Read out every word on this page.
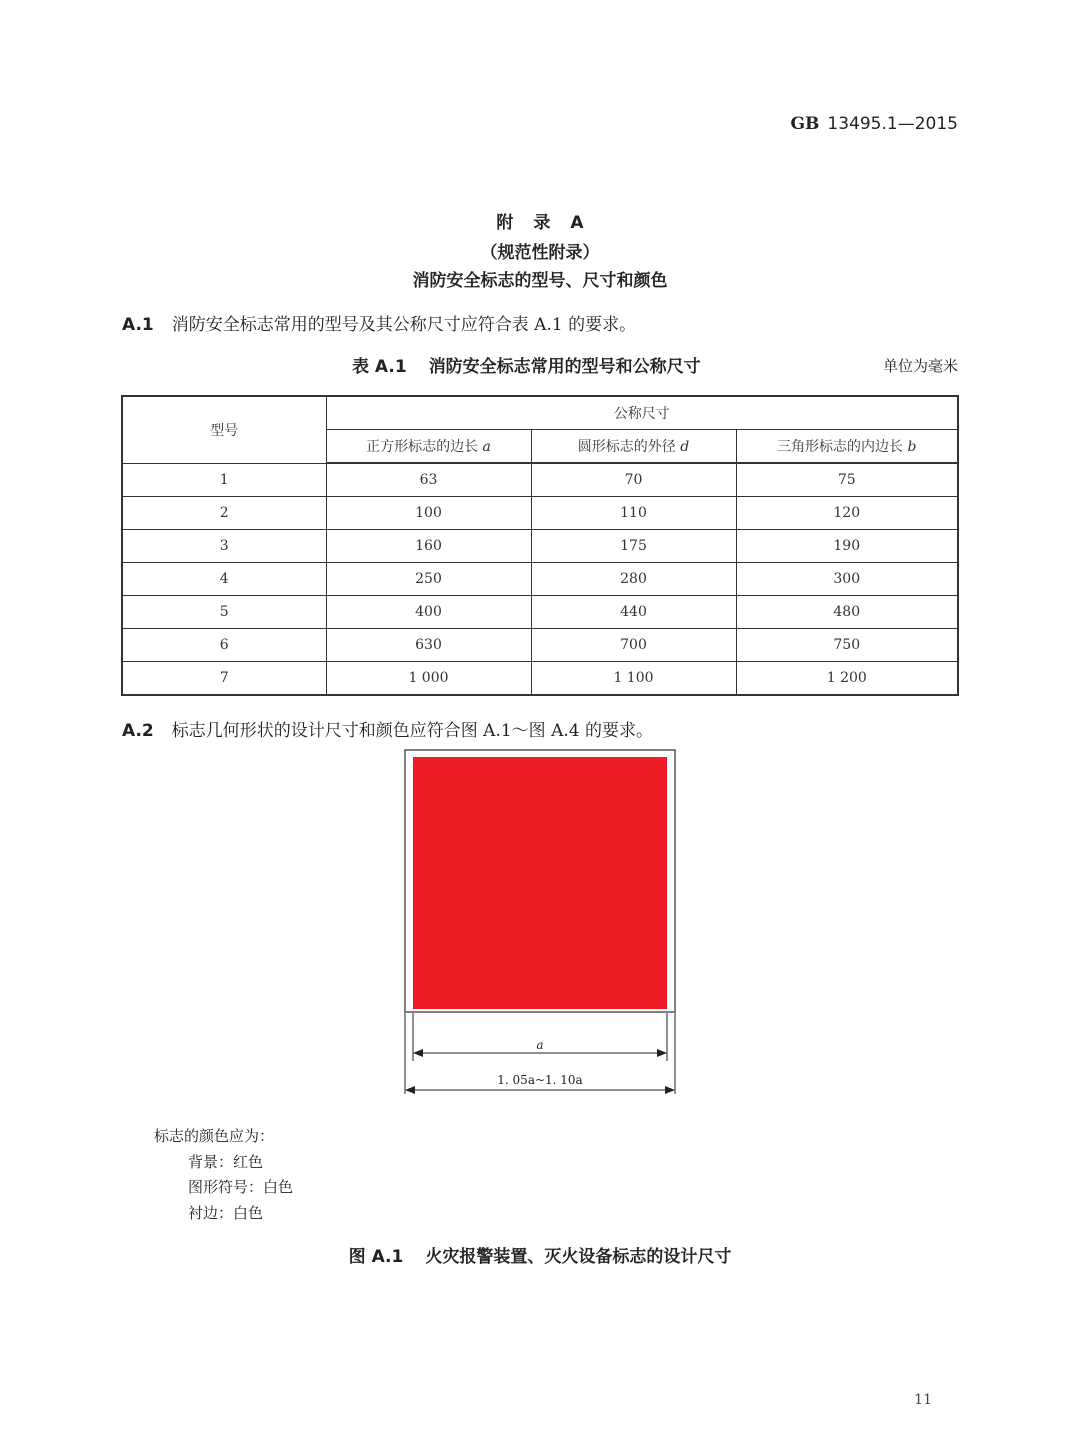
GB 13495.1—2015
附录A
（规范性附录）
消防安全标志的型号、尺寸和颜色
A.1 消防安全标志常用的型号及其公称尺寸应符合表 A.1 的要求。
表 A.1 消防安全标志常用的型号和公称尺寸	单位为毫米
型号	公称尺寸		
	正方形标志的边长 a	圆形标志的外径 d	三角形标志的内边长 b
1	63	70	75
2	100	110	120
3	160	175	190
4	250	280	300
5	400	440	480
6	630	700	750
7	1 000	1 100	1 200
A.2 标志几何形状的设计尺寸和颜色应符合图 A.1～图 A.4 的要求。
a
1. 05a~1. 10a
标志的颜色应为：
背景：红色
图形符号：白色
衬边：白色
图 A.1 火灾报警装置、灭火设备标志的设计尺寸
11
